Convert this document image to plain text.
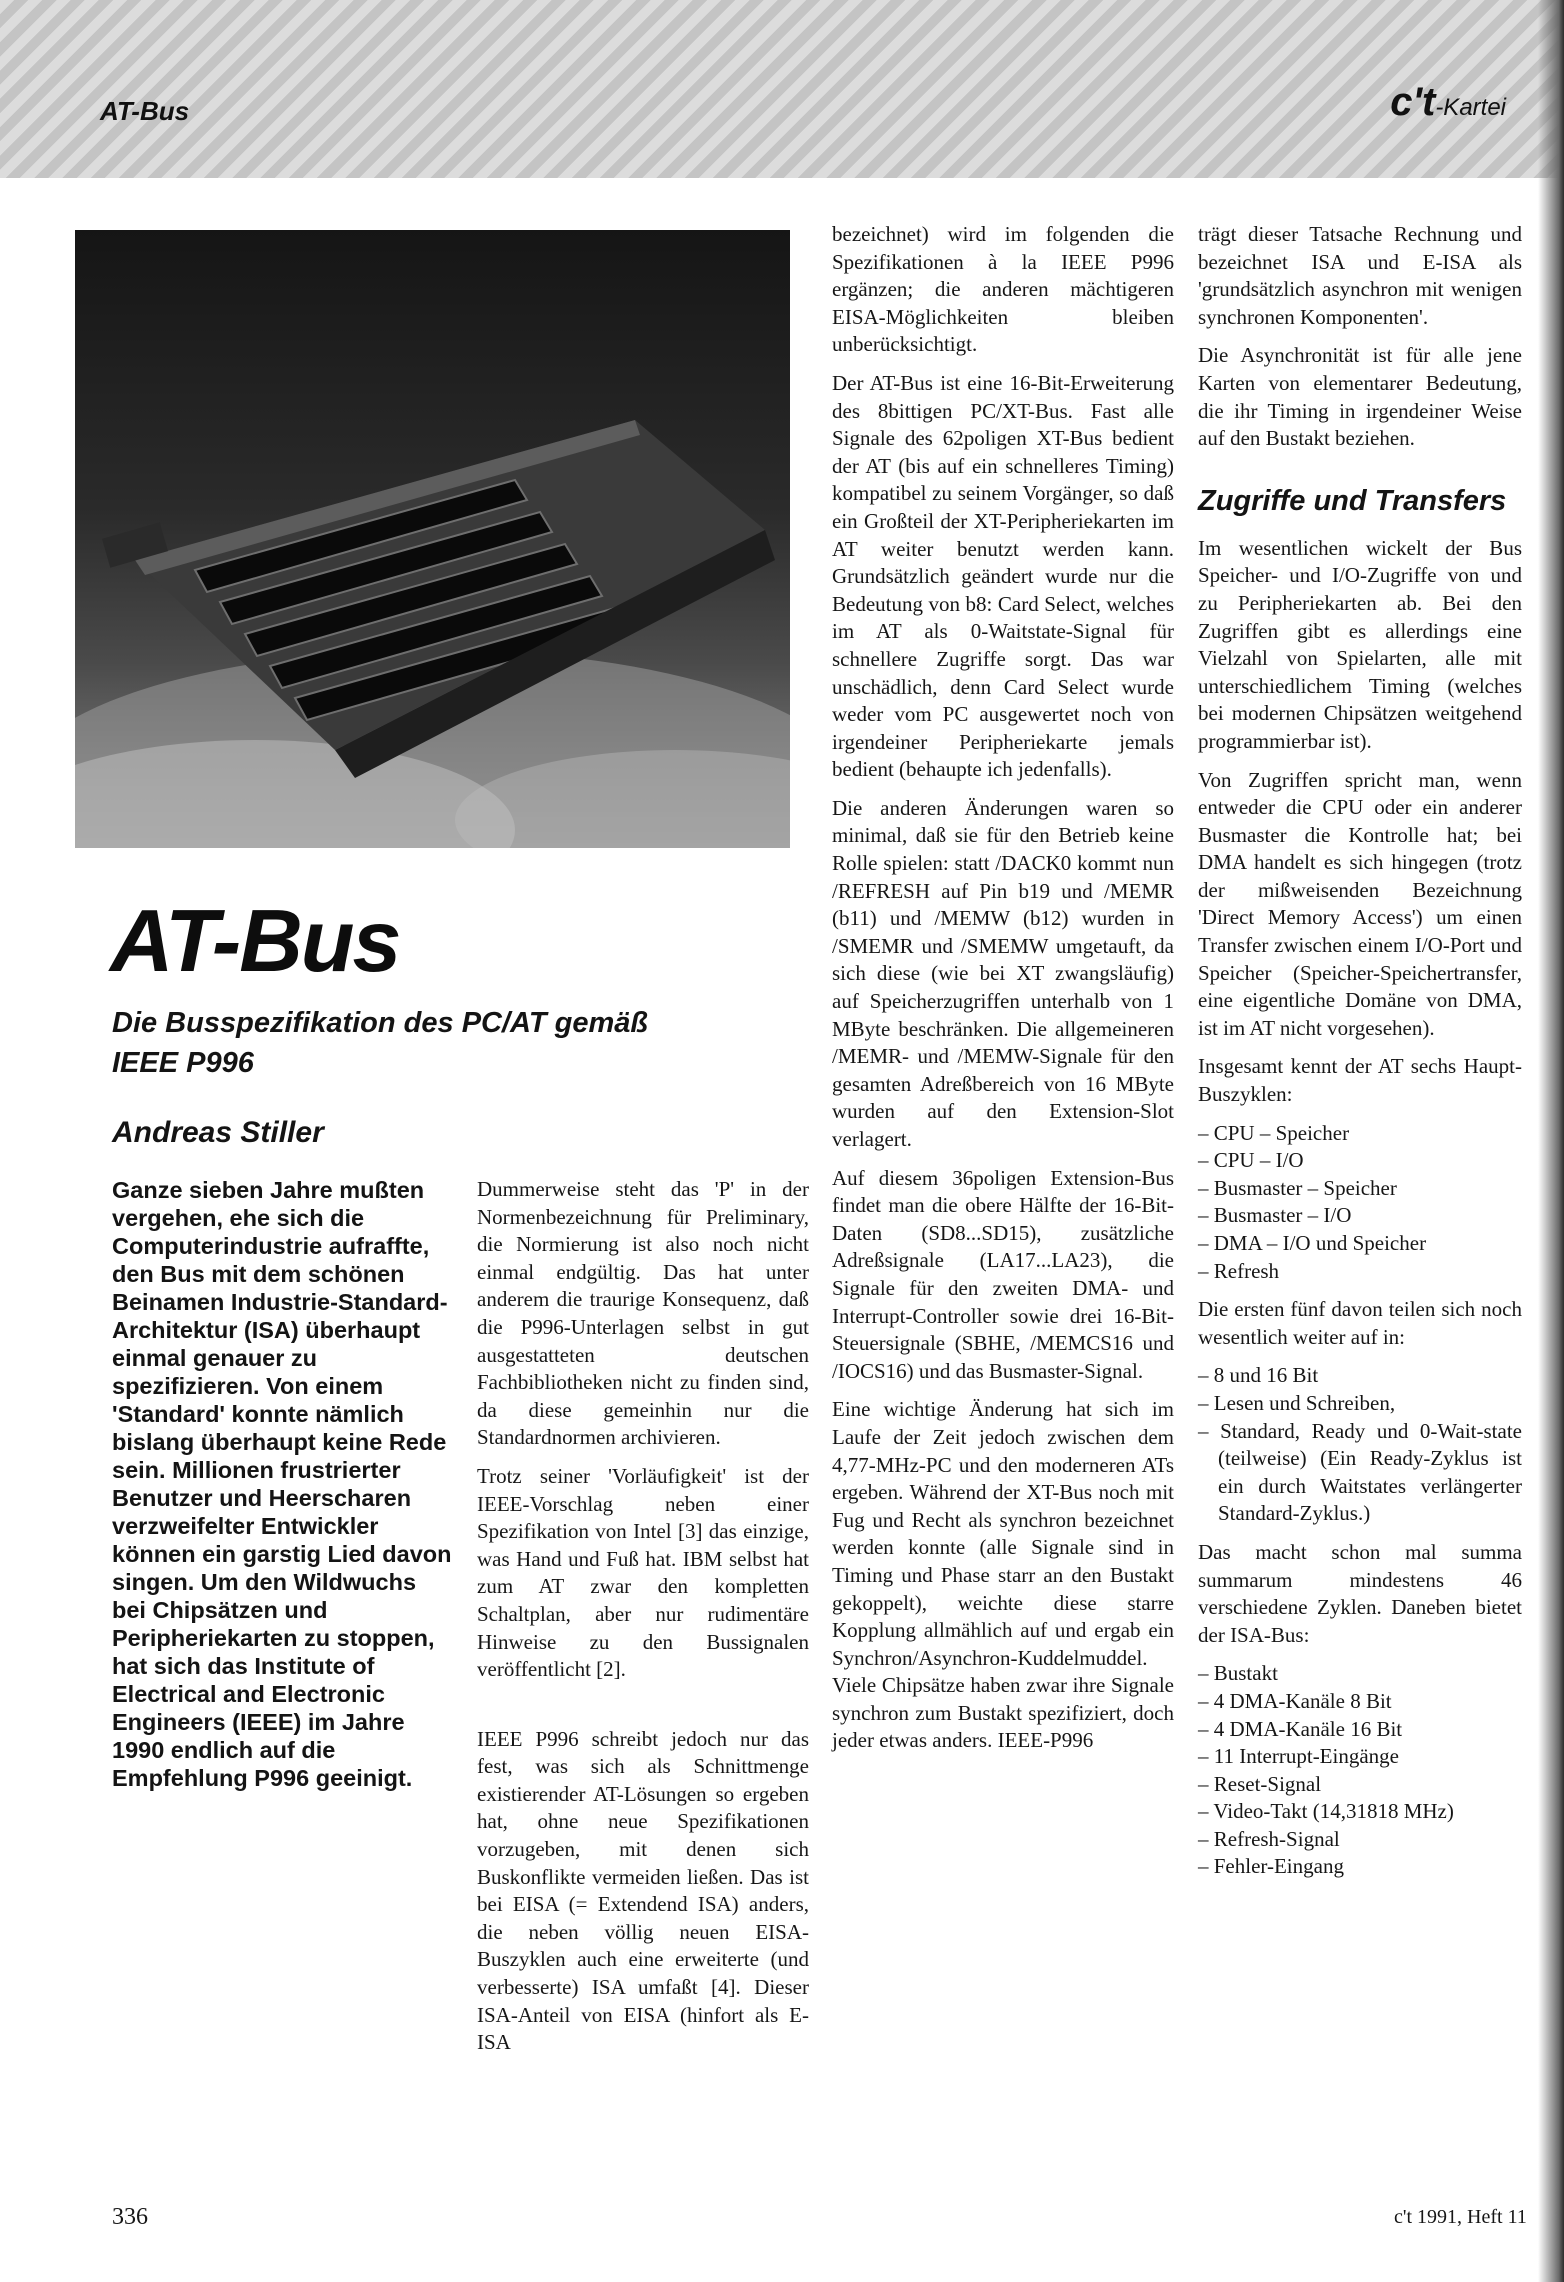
AT-Bus	c't-Kartei
AT-Bus
Die Busspezifikation des PC/AT gemäß IEEE P996
Andreas Stiller
Ganze sieben Jahre mußten vergehen, ehe sich die Computerindustrie aufraffte, den Bus mit dem schönen Beinamen Industrie-Standard-Architektur (ISA) überhaupt einmal genauer zu spezifizieren. Von einem 'Standard' konnte nämlich bislang überhaupt keine Rede sein. Millionen frustrierter Benutzer und Heerscharen verzweifelter Entwickler können ein garstig Lied davon singen. Um den Wildwuchs bei Chipsätzen und Peripheriekarten zu stoppen, hat sich das Institute of Electrical and Electronic Engineers (IEEE) im Jahre 1990 endlich auf die Empfehlung P996 geeinigt.

Dummerweise steht das 'P' in der Normenbezeichnung für Preliminary, die Normierung ist also noch nicht einmal endgültig. Das hat unter anderem die traurige Konsequenz, daß die P996-Unterlagen selbst in gut ausgestatteten deutschen Fachbibliotheken nicht zu finden sind, da diese gemeinhin nur die Standardnormen archivieren.

Trotz seiner 'Vorläufigkeit' ist der IEEE-Vorschlag neben einer Spezifikation von Intel [3] das einzige, was Hand und Fuß hat. IBM selbst hat zum AT zwar den kompletten Schaltplan, aber nur rudimentäre Hinweise zu den Bussignalen veröffentlicht [2].

IEEE P996 schreibt jedoch nur das fest, was sich als Schnittmenge existierender AT-Lösungen so ergeben hat, ohne neue Spezifikationen vorzugeben, mit denen sich Buskonflikte vermeiden ließen. Das ist bei EISA (= Extendend ISA) anders, die neben völlig neuen EISA-Buszyklen auch eine erweiterte (und verbesserte) ISA umfaßt [4]. Dieser ISA-Anteil von EISA (hinfort als E-ISA

bezeichnet) wird im folgenden die Spezifikationen à la IEEE P996 ergänzen; die anderen mächtigeren EISA-Möglichkeiten bleiben unberücksichtigt.

Der AT-Bus ist eine 16-Bit-Erweiterung des 8bittigen PC/XT-Bus. Fast alle Signale des 62poligen XT-Bus bedient der AT (bis auf ein schnelleres Timing) kompatibel zu seinem Vorgänger, so daß ein Großteil der XT-Peripheriekarten im AT weiter benutzt werden kann. Grundsätzlich geändert wurde nur die Bedeutung von b8: Card Select, welches im AT als 0-Waitstate-Signal für schnellere Zugriffe sorgt. Das war unschädlich, denn Card Select wurde weder vom PC ausgewertet noch von irgendeiner Peripheriekarte jemals bedient (behaupte ich jedenfalls).

Die anderen Änderungen waren so minimal, daß sie für den Betrieb keine Rolle spielen: statt /DACK0 kommt nun /REFRESH auf Pin b19 und /MEMR (b11) und /MEMW (b12) wurden in /SMEMR und /SMEMW umgetauft, da sich diese (wie bei XT zwangsläufig) auf Speicherzugriffen unterhalb von 1 MByte beschränken. Die allgemeineren /MEMR- und /MEMW-Signale für den gesamten Adreßbereich von 16 MByte wurden auf den Extension-Slot verlagert.

Auf diesem 36poligen Extension-Bus findet man die obere Hälfte der 16-Bit-Daten (SD8...SD15), zusätzliche Adreßsignale (LA17...LA23), die Signale für den zweiten DMA- und Interrupt-Controller sowie drei 16-Bit-Steuersignale (SBHE, /MEMCS16 und /IOCS16) und das Busmaster-Signal.

Eine wichtige Änderung hat sich im Laufe der Zeit jedoch zwischen dem 4,77-MHz-PC und den moderneren ATs ergeben. Während der XT-Bus noch mit Fug und Recht als synchron bezeichnet werden konnte (alle Signale sind in Timing und Phase starr an den Bustakt gekoppelt), weichte diese starre Kopplung allmählich auf und ergab ein Synchron/Asynchron-Kuddelmuddel. Viele Chipsätze haben zwar ihre Signale synchron zum Bustakt spezifiziert, doch jeder etwas anders. IEEE-P996

trägt dieser Tatsache Rechnung und bezeichnet ISA und E-ISA als 'grundsätzlich asynchron mit wenigen synchronen Komponenten'.

Die Asynchronität ist für alle jene Karten von elementarer Bedeutung, die ihr Timing in irgendeiner Weise auf den Bustakt beziehen.

Zugriffe und Transfers

Im wesentlichen wickelt der Bus Speicher- und I/O-Zugriffe von und zu Peripheriekarten ab. Bei den Zugriffen gibt es allerdings eine Vielzahl von Spielarten, alle mit unterschiedlichem Timing (welches bei modernen Chipsätzen weitgehend programmierbar ist).

Von Zugriffen spricht man, wenn entweder die CPU oder ein anderer Busmaster die Kontrolle hat; bei DMA handelt es sich hingegen (trotz der mißweisenden Bezeichnung 'Direct Memory Access') um einen Transfer zwischen einem I/O-Port und Speicher (Speicher-Speichertransfer, eine eigentliche Domäne von DMA, ist im AT nicht vorgesehen).

Insgesamt kennt der AT sechs Haupt-Buszyklen:

– CPU – Speicher
– CPU – I/O
– Busmaster – Speicher
– Busmaster – I/O
– DMA – I/O und Speicher
– Refresh

Die ersten fünf davon teilen sich noch wesentlich weiter auf in:

– 8 und 16 Bit
– Lesen und Schreiben,
– Standard, Ready und 0-Wait-state (teilweise) (Ein Ready-Zyklus ist ein durch Waitstates verlängerter Standard-Zyklus.)

Das macht schon mal summa summarum mindestens 46 verschiedene Zyklen. Daneben bietet der ISA-Bus:

– Bustakt
– 4 DMA-Kanäle 8 Bit
– 4 DMA-Kanäle 16 Bit
– 11 Interrupt-Eingänge
– Reset-Signal
– Video-Takt (14,31818 MHz)
– Refresh-Signal
– Fehler-Eingang
336	c't 1991, Heft 11
